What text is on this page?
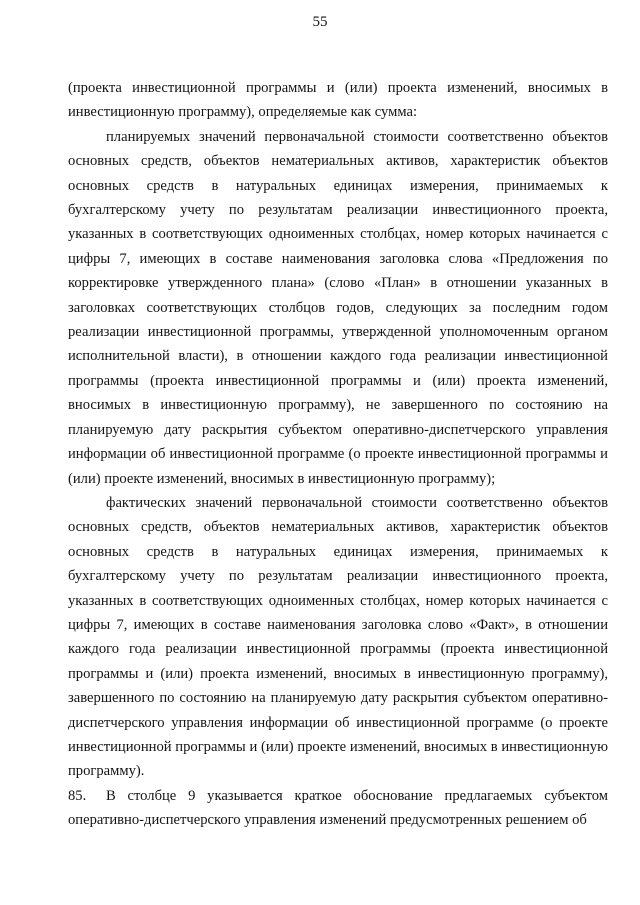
55

(проекта инвестиционной программы и (или) проекта изменений, вносимых в инвестиционную программу), определяемые как сумма:

планируемых значений первоначальной стоимости соответственно объектов основных средств, объектов нематериальных активов, характеристик объектов основных средств в натуральных единицах измерения, принимаемых к бухгалтерскому учету по результатам реализации инвестиционного проекта, указанных в соответствующих одноименных столбцах, номер которых начинается с цифры 7, имеющих в составе наименования заголовка слова «Предложения по корректировке утвержденного плана» (слово «План» в отношении указанных в заголовках соответствующих столбцов годов, следующих за последним годом реализации инвестиционной программы, утвержденной уполномоченным органом исполнительной власти), в отношении каждого года реализации инвестиционной программы (проекта инвестиционной программы и (или) проекта изменений, вносимых в инвестиционную программу), не завершенного по состоянию на планируемую дату раскрытия субъектом оперативно-диспетчерского управления информации об инвестиционной программе (о проекте инвестиционной программы и (или) проекте изменений, вносимых в инвестиционную программу);

фактических значений первоначальной стоимости соответственно объектов основных средств, объектов нематериальных активов, характеристик объектов основных средств в натуральных единицах измерения, принимаемых к бухгалтерскому учету по результатам реализации инвестиционного проекта, указанных в соответствующих одноименных столбцах, номер которых начинается с цифры 7, имеющих в составе наименования заголовка слово «Факт», в отношении каждого года реализации инвестиционной программы (проекта инвестиционной программы и (или) проекта изменений, вносимых в инвестиционную программу), завершенного по состоянию на планируемую дату раскрытия субъектом оперативно-диспетчерского управления информации об инвестиционной программе (о проекте инвестиционной программы и (или) проекте изменений, вносимых в инвестиционную программу).

85. В столбце 9 указывается краткое обоснование предлагаемых субъектом оперативно-диспетчерского управления изменений предусмотренных решением об
